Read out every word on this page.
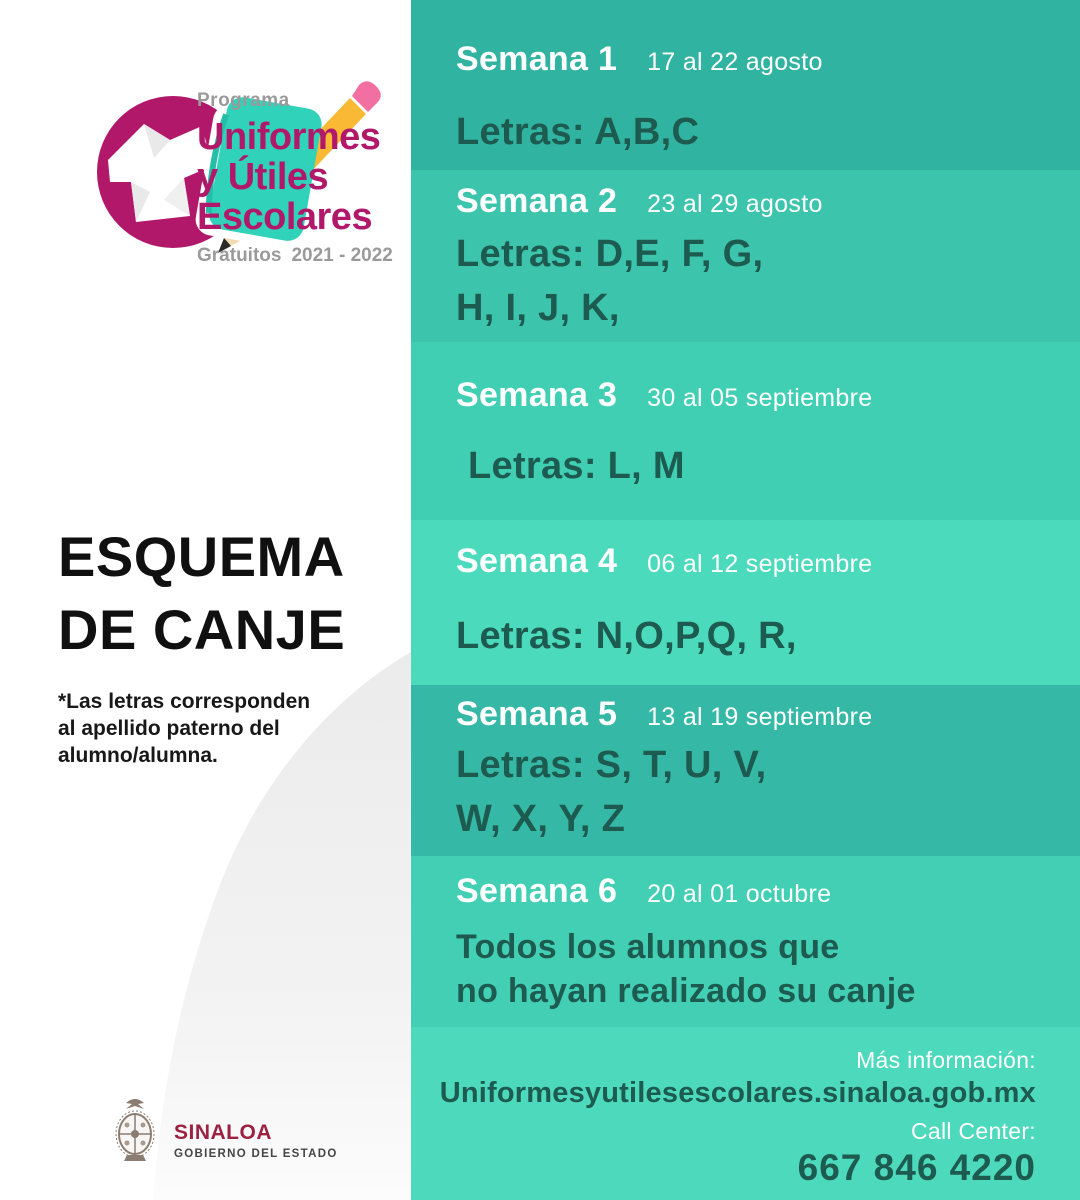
Programa
Uniformes
y Útiles
Escolares
Gratuitos 2021 - 2022
ESQUEMA
DE CANJE

*Las letras corresponden
al apellido paterno del alumno/alumna.

SINALOA
GOBIERNO DEL ESTADO
Semana 1 17 al 22 agosto
Letras: A,B,C
Semana 2 23 al 29 agosto
Letras: D,E, F, G,
H, I, J, K,
Semana 3 30 al 05 septiembre
Letras: L, M
Semana 4 06 al 12 septiembre
Letras: N,O,P,Q, R,
Semana 5 13 al 19 septiembre
Letras: S, T, U, V,
W, X, Y, Z
Semana 6 20 al 01 octubre
Todos los alumnos que
no hayan realizado su canje
Más información:
Uniformesyutilesescolares.sinaloa.gob.mx
Call Center:
667 846 4220
